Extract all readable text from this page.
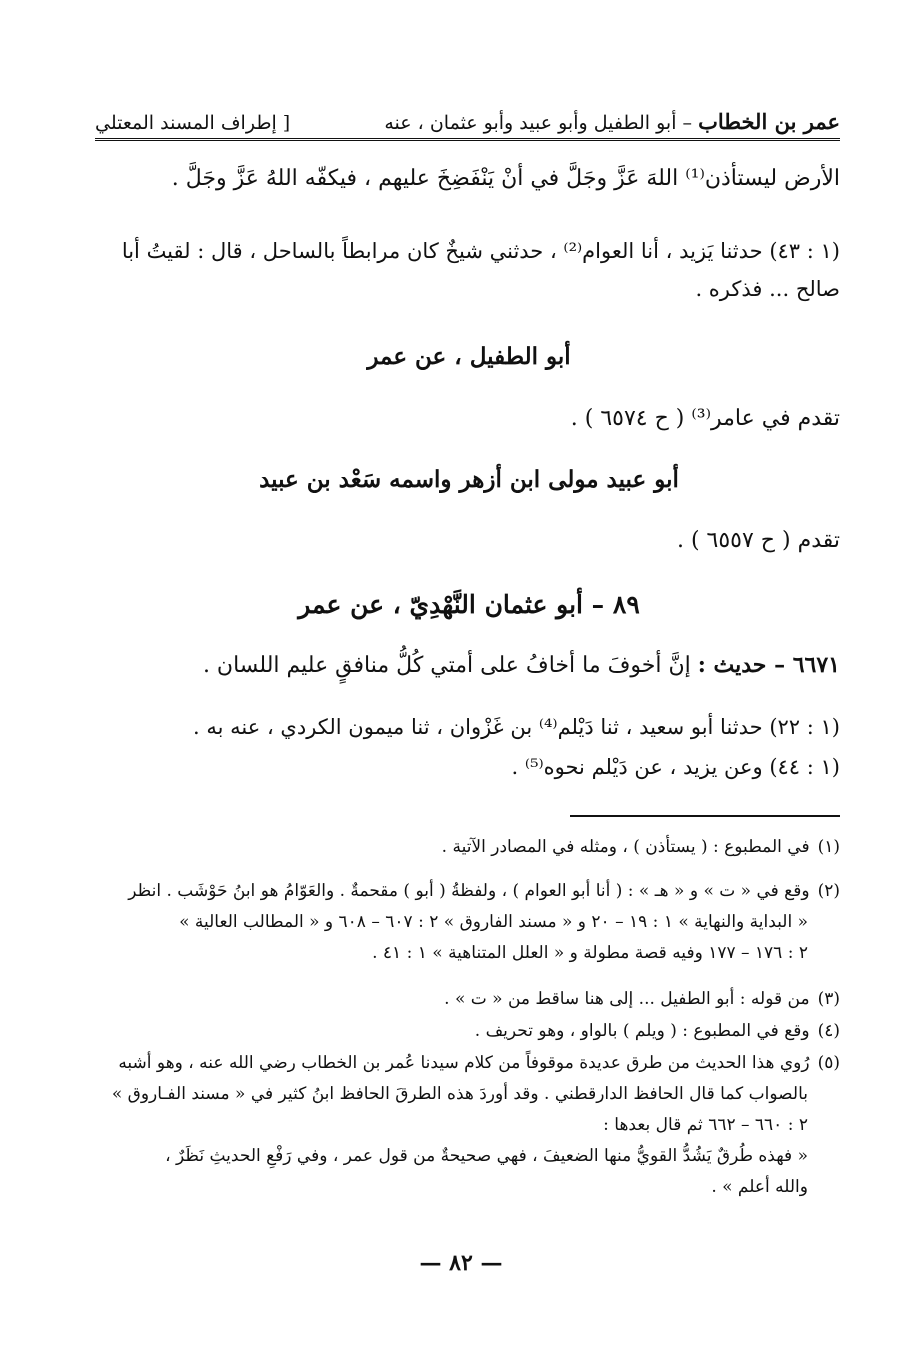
عمر بن الخطاب – أبو الطفيل وأبو عبيد وأبو عثمان ، عنه
[ إطراف المسند المعتلي

الأرض ليستأذن⁽¹⁾ اللهَ عَزَّ وجَلَّ في أنْ يَنْفَضِخَ عليهم ، فيكفّه اللهُ عَزَّ وجَلَّ .

(١ : ٤٣) حدثنا يَزيد ، أنا العوام⁽²⁾ ، حدثني شيخٌ كان مرابطاً بالساحل ، قال : لقيتُ أبا صالح ... فذكره .

أبو الطفيل ، عن عمر

تقدم في عامر⁽³⁾ ( ح ٦٥٧٤ ) .

أبو عبيد مولى ابن أزهر واسمه سَعْد بن عبيد

تقدم ( ح ٦٥٥٧ ) .

٨٩ – أبو عثمان النَّهْدِيّ ، عن عمر

٦٦٧١ – حديث : إنَّ أخوفَ ما أخافُ على أمتي كُلُّ منافقٍ عليم اللسان .

(١ : ٢٢) حدثنا أبو سعيد ، ثنا دَيْلم⁽⁴⁾ بن غَزْوان ، ثنا ميمون الكردي ، عنه به .

(١ : ٤٤) وعن يزيد ، عن دَيْلم نحوه⁽⁵⁾ .

(١)في المطبوع : ( يستأذن ) ، ومثله في المصادر الآتية .
(٢)وقع في « ت » و « هـ » : ( أنا أبو العوام ) ، ولفظةُ ( أبو ) مقحمةٌ . والعَوّامُ هو ابنُ حَوْشَب . انظر
« البداية والنهاية » ١ : ١٩ – ٢٠ و « مسند الفاروق » ٢ : ٦٠٧ – ٦٠٨ و « المطالب العالية »
٢ : ١٧٦ – ١٧٧ وفيه قصة مطولة و « العلل المتناهية » ١ : ٤١ .
(٣)من قوله : أبو الطفيل ... إلى هنا ساقط من « ت » .
(٤)وقع في المطبوع : ( ويلم ) بالواو ، وهو تحريف .
(٥)رُوي هذا الحديث من طرق عديدة موقوفاً من كلام سيدنا عُمر بن الخطاب رضي الله عنه ، وهو أشبه
بالصواب كما قال الحافظ الدارقطني . وقد أوردَ هذه الطرقَ الحافظ ابنُ كثير في « مسند الفـاروق »
٢ : ٦٦٠ – ٦٦٢ ثم قال بعدها :
« فهذه طُرقٌ يَشُدُّ القويُّ منها الضعيفَ ، فهي صحيحةٌ من قول عمر ، وفي رَفْعِ الحديثِ نَظَرٌ ،
والله أعلم » .
— ٨٢ —
